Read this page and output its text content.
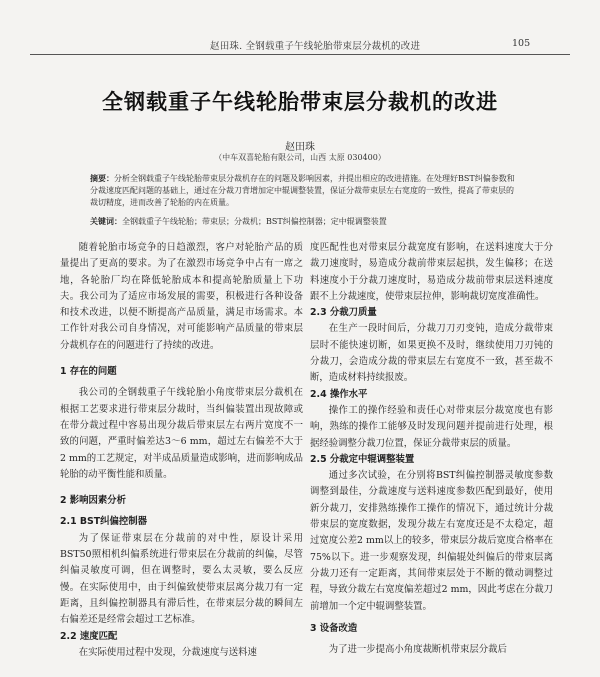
赵田珠. 全钢载重子午线轮胎带束层分裁机的改进	105
全钢载重子午线轮胎带束层分裁机的改进
赵田珠
（中车双喜轮胎有限公司，山西 太原 030400）
摘要：分析全钢载重子午线轮胎带束层分裁机存在的问题及影响因素，并提出相应的改进措施。在处理好BST纠偏参数和分裁速度匹配问题的基础上，通过在分裁刀背增加定中辊调整装置，保证分裁带束层左右宽度的一致性，提高了带束层的裁切精度，进而改善了轮胎的内在质量。
关键词：全钢载重子午线轮胎；带束层；分裁机；BST纠偏控制器；定中辊调整装置

随着轮胎市场竞争的日趋激烈，客户对轮胎产品的质量提出了更高的要求。为了在激烈市场竞争中占有一席之地，各轮胎厂均在降低轮胎成本和提高轮胎质量上下功夫。我公司为了适应市场发展的需要，积极进行各种设备和技术改进，以便不断提高产品质量，满足市场需求。本工作针对我公司自身情况，对可能影响产品质量的带束层分裁机存在的问题进行了持续的改进。

1 存在的问题

我公司的全钢载重子午线轮胎小角度带束层分裁机在根据工艺要求进行带束层分裁时，当纠偏装置出现故障或在带分裁过程中容易出现分裁后带束层左右两片宽度不一致的问题，严重时偏差达3～6 mm，超过左右偏差不大于2 mm的工艺规定，对半成品质量造成影响，进而影响成品轮胎的动平衡性能和质量。

2 影响因素分析
2.1 BST纠偏控制器

为了保证带束层在分裁前的对中性，原设计采用BST50照相机纠偏系统进行带束层在分裁前的纠偏，尽管纠偏灵敏度可调，但在调整时，要么太灵敏，要么反应慢。在实际使用中，由于纠偏致使带束层离分裁刀有一定距离，且纠偏控制器具有滞后性，在带束层分裁的瞬间左右偏差还是经常会超过工艺标准。

2.2 速度匹配

在实际使用过程中发现，分裁速度与送料速

度匹配性也对带束层分裁宽度有影响，在送料速度大于分裁刀速度时，易造成分裁前带束层起拱，发生偏移；在送料速度小于分裁刀速度时，易造成分裁前带束层送料速度跟不上分裁速度，使带束层拉伸，影响裁切宽度准确性。

2.3 分裁刀质量

在生产一段时间后，分裁刀刀刃变钝，造成分裁带束层时不能快速切断，如果更换不及时，继续使用刀刃钝的分裁刀，会造成分裁的带束层左右宽度不一致，甚至裁不断，造成材料持续报废。

2.4 操作水平

操作工的操作经验和责任心对带束层分裁宽度也有影响，熟练的操作工能够及时发现问题并提前进行处理，根据经验调整分裁刀位置，保证分裁带束层的质量。

2.5 分裁定中辊调整装置

通过多次试验，在分别将BST纠偏控制器灵敏度参数调整到最佳，分裁速度与送料速度参数匹配到最好，使用新分裁刀，安排熟练操作工操作的情况下，通过统计分裁带束层的宽度数据，发现分裁左右宽度还是不太稳定，超过宽度公差2 mm以上的较多，带束层分裁后宽度合格率在75%以下。进一步观察发现，纠偏辊处纠偏后的带束层离分裁刀还有一定距离，其间带束层处于不断的微动调整过程，导致分裁左右宽度偏差超过2 mm，因此考虑在分裁刀前增加一个定中辊调整装置。

3 设备改造

为了进一步提高小角度裁断机带束层分裁后
